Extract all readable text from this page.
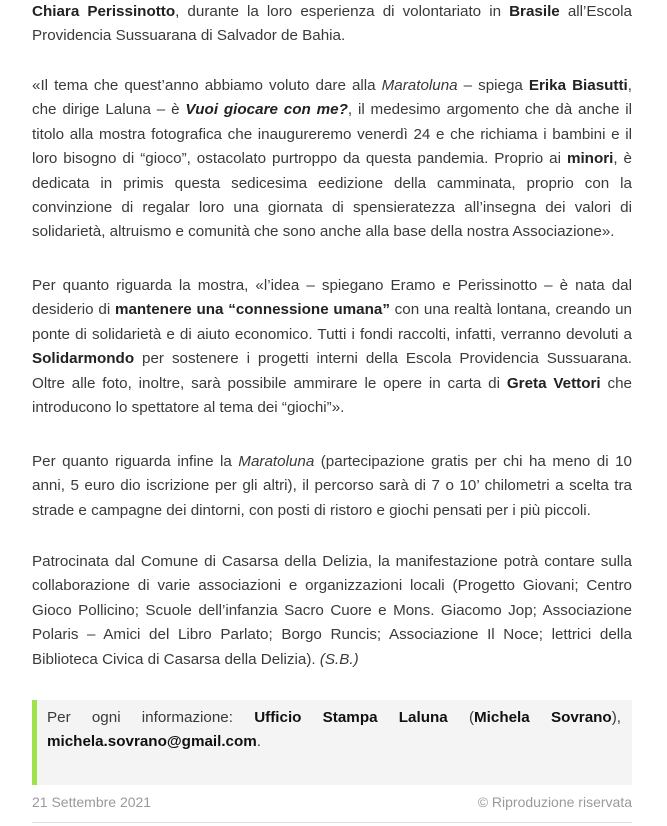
Chiara Perissinotto, durante la loro esperienza di volontariato in Brasile all’Escola Providencia Sussuarana di Salvador de Bahia.

«Il tema che quest’anno abbiamo voluto dare alla Maratoluna – spiega Erika Biasutti, che dirige Laluna – è Vuoi giocare con me?, il medesimo argomento che dà anche il titolo alla mostra fotografica che inaugureremo venerdì 24 e che richiama i bambini e il loro bisogno di “gioco”, ostacolato purtroppo da questa pandemia. Proprio ai minori, è dedicata in primis questa sedicesima eedizione della camminata, proprio con la convinzione di regalar loro una giornata di spensieratezza all’insegna dei valori di solidarietà, altruismo e comunità che sono anche alla base della nostra Associazione».

Per quanto riguarda la mostra, «l’idea – spiegano Eramo e Perissinotto – è nata dal desiderio di mantenere una “connessione umana” con una realtà lontana, creando un ponte di solidarietà e di aiuto economico. Tutti i fondi raccolti, infatti, verranno devoluti a Solidarmondo per sostenere i progetti interni della Escola Providencia Sussuarana. Oltre alle foto, inoltre, sarà possibile ammirare le opere in carta di Greta Vettori che introducono lo spettatore al tema dei “giochi”».

Per quanto riguarda infine la Maratoluna (partecipazione gratis per chi ha meno di 10 anni, 5 euro dio iscrizione per gli altri), il percorso sarà di 7 o 10’ chilometri a scelta tra strade e campagne dei dintorni, con posti di ristoro e giochi pensati per i più piccoli.

Patrocinata dal Comune di Casarsa della Delizia, la manifestazione potrà contare sulla collaborazione di varie associazioni e organizzazioni locali (Progetto Giovani; Centro Gioco Pollicino; Scuole dell’infanzia Sacro Cuore e Mons. Giacomo Jop; Associazione Polaris – Amici del Libro Parlato; Borgo Runcis; Associazione Il Noce; lettrici della Biblioteca Civica di Casarsa della Delizia). (S.B.)

Per ogni informazione: Ufficio Stampa Laluna (Michela Sovrano), michela.sovrano@gmail.com.

21 Settembre 2021	© Riproduzione riservata
